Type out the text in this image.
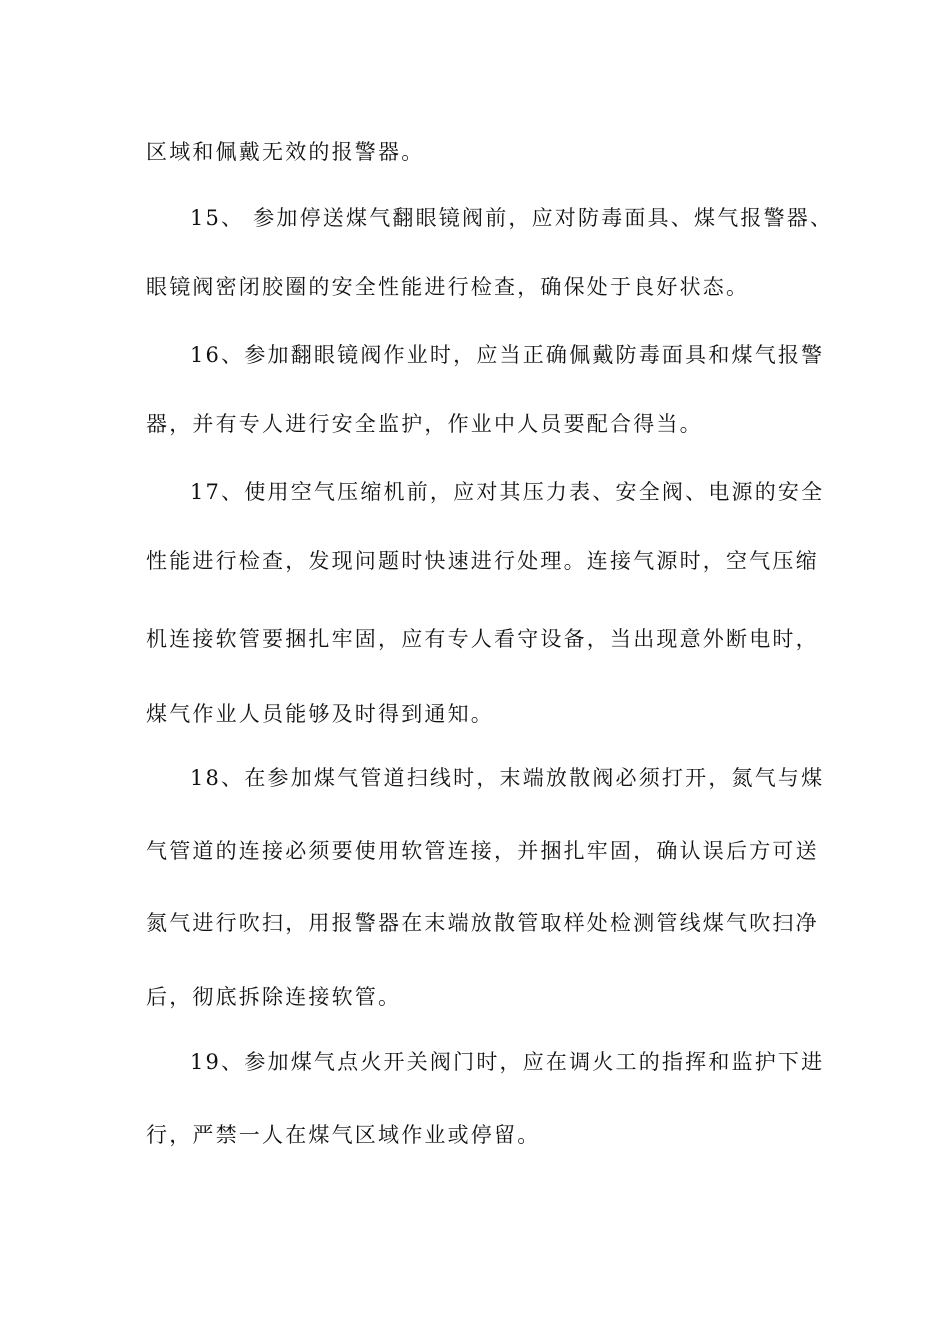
区域和佩戴无效的报警器。
15、 参加停送煤气翻眼镜阀前，应对防毒面具、煤气报警器、
眼镜阀密闭胶圈的安全性能进行检查，确保处于良好状态。
16、参加翻眼镜阀作业时，应当正确佩戴防毒面具和煤气报警
器，并有专人进行安全监护，作业中人员要配合得当。
17、使用空气压缩机前，应对其压力表、安全阀、电源的安全
性能进行检查，发现问题时快速进行处理。连接气源时，空气压缩
机连接软管要捆扎牢固，应有专人看守设备，当出现意外断电时，
煤气作业人员能够及时得到通知。
18、在参加煤气管道扫线时，末端放散阀必须打开，氮气与煤
气管道的连接必须要使用软管连接，并捆扎牢固，确认误后方可送
氮气进行吹扫，用报警器在末端放散管取样处检测管线煤气吹扫净
后，彻底拆除连接软管。
19、参加煤气点火开关阀门时，应在调火工的指挥和监护下进
行，严禁一人在煤气区域作业或停留。
